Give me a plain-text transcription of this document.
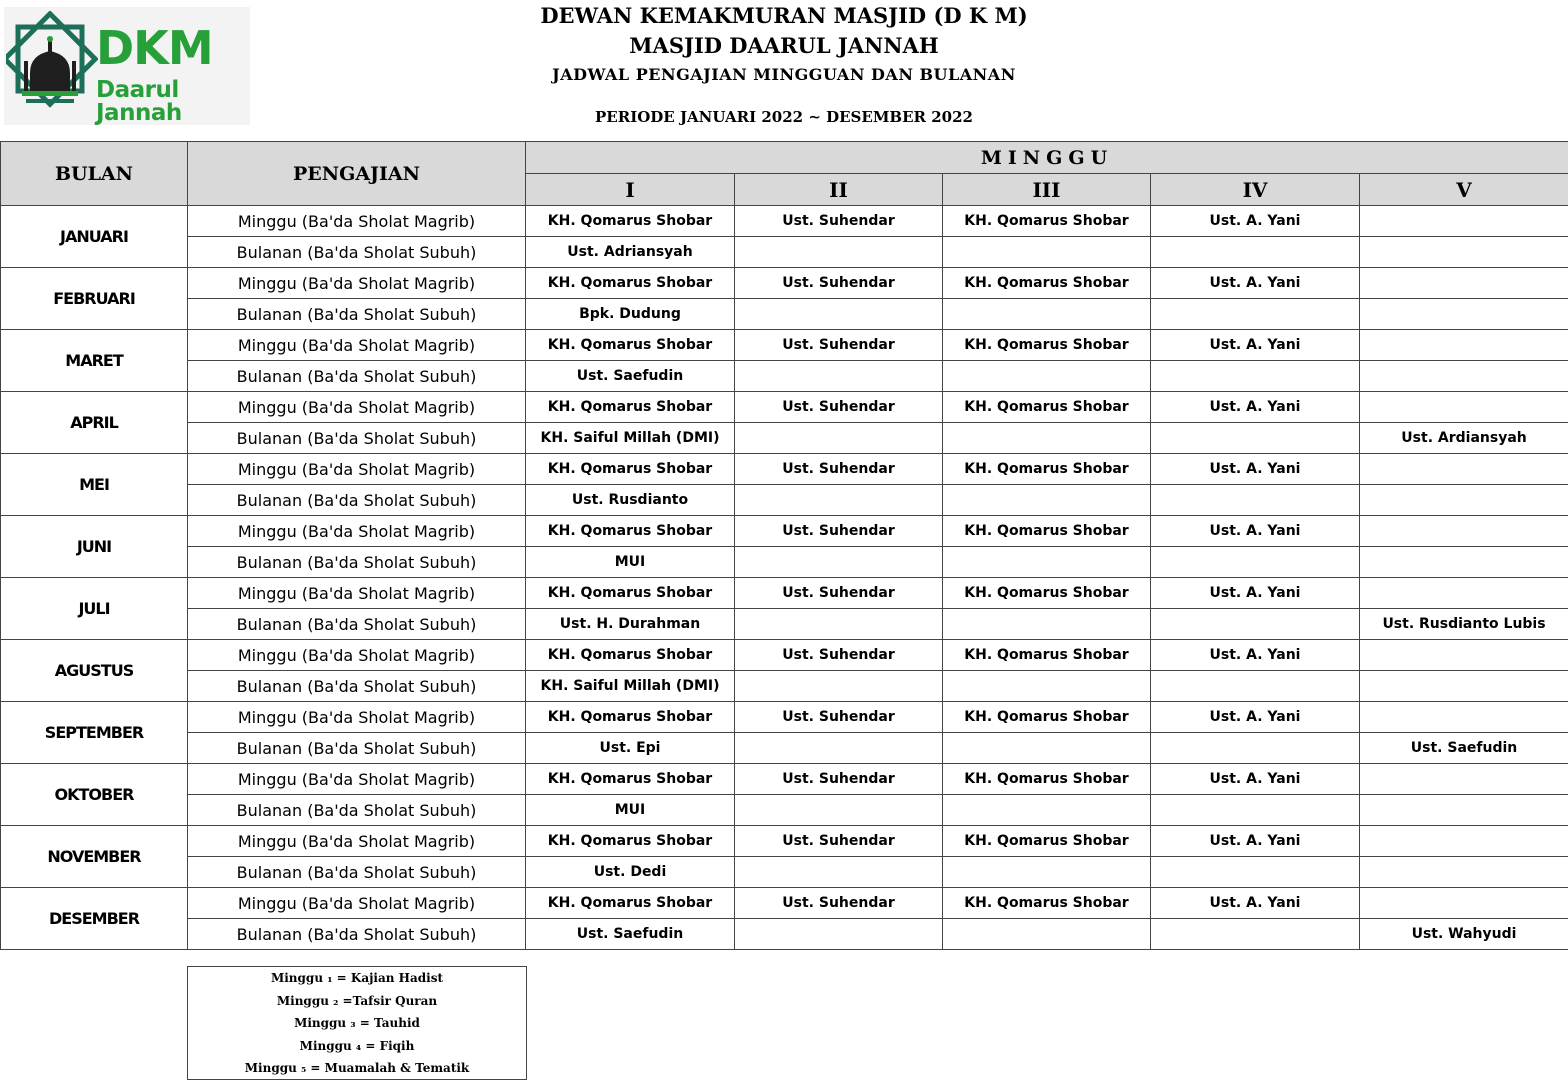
DKM
Daarul Jannah
DEWAN KEMAKMURAN MASJID (D K M)
MASJID DAARUL JANNAH
JADWAL PENGAJIAN MINGGUAN DAN BULANAN
PERIODE JANUARI 2022 ~ DESEMBER 2022
BULAN	PENGAJIAN	MINGGU				
		I	II	III	IV	V
JANUARI	Minggu (Ba'da Sholat Magrib)	KH. Qomarus Shobar	Ust. Suhendar	KH. Qomarus Shobar	Ust. A. Yani	
	Bulanan (Ba'da Sholat Subuh)	Ust. Adriansyah				
FEBRUARI	Minggu (Ba'da Sholat Magrib)	KH. Qomarus Shobar	Ust. Suhendar	KH. Qomarus Shobar	Ust. A. Yani	
	Bulanan (Ba'da Sholat Subuh)	Bpk. Dudung				
MARET	Minggu (Ba'da Sholat Magrib)	KH. Qomarus Shobar	Ust. Suhendar	KH. Qomarus Shobar	Ust. A. Yani	
	Bulanan (Ba'da Sholat Subuh)	Ust. Saefudin				
APRIL	Minggu (Ba'da Sholat Magrib)	KH. Qomarus Shobar	Ust. Suhendar	KH. Qomarus Shobar	Ust. A. Yani	
	Bulanan (Ba'da Sholat Subuh)	KH. Saiful Millah (DMI)				Ust. Ardiansyah
MEI	Minggu (Ba'da Sholat Magrib)	KH. Qomarus Shobar	Ust. Suhendar	KH. Qomarus Shobar	Ust. A. Yani	
	Bulanan (Ba'da Sholat Subuh)	Ust. Rusdianto				
JUNI	Minggu (Ba'da Sholat Magrib)	KH. Qomarus Shobar	Ust. Suhendar	KH. Qomarus Shobar	Ust. A. Yani	
	Bulanan (Ba'da Sholat Subuh)	MUI				
JULI	Minggu (Ba'da Sholat Magrib)	KH. Qomarus Shobar	Ust. Suhendar	KH. Qomarus Shobar	Ust. A. Yani	
	Bulanan (Ba'da Sholat Subuh)	Ust. H. Durahman				Ust. Rusdianto Lubis
AGUSTUS	Minggu (Ba'da Sholat Magrib)	KH. Qomarus Shobar	Ust. Suhendar	KH. Qomarus Shobar	Ust. A. Yani	
	Bulanan (Ba'da Sholat Subuh)	KH. Saiful Millah (DMI)				
SEPTEMBER	Minggu (Ba'da Sholat Magrib)	KH. Qomarus Shobar	Ust. Suhendar	KH. Qomarus Shobar	Ust. A. Yani	
	Bulanan (Ba'da Sholat Subuh)	Ust. Epi				Ust. Saefudin
OKTOBER	Minggu (Ba'da Sholat Magrib)	KH. Qomarus Shobar	Ust. Suhendar	KH. Qomarus Shobar	Ust. A. Yani	
	Bulanan (Ba'da Sholat Subuh)	MUI				
NOVEMBER	Minggu (Ba'da Sholat Magrib)	KH. Qomarus Shobar	Ust. Suhendar	KH. Qomarus Shobar	Ust. A. Yani	
	Bulanan (Ba'da Sholat Subuh)	Ust. Dedi				
DESEMBER	Minggu (Ba'da Sholat Magrib)	KH. Qomarus Shobar	Ust. Suhendar	KH. Qomarus Shobar	Ust. A. Yani	
	Bulanan (Ba'da Sholat Subuh)	Ust. Saefudin				Ust. Wahyudi
Minggu ₁ = Kajian Hadist
Minggu ₂ =Tafsir Quran
Minggu ₃ = Tauhid
Minggu ₄ = Fiqih
Minggu ₅ = Muamalah & Tematik
